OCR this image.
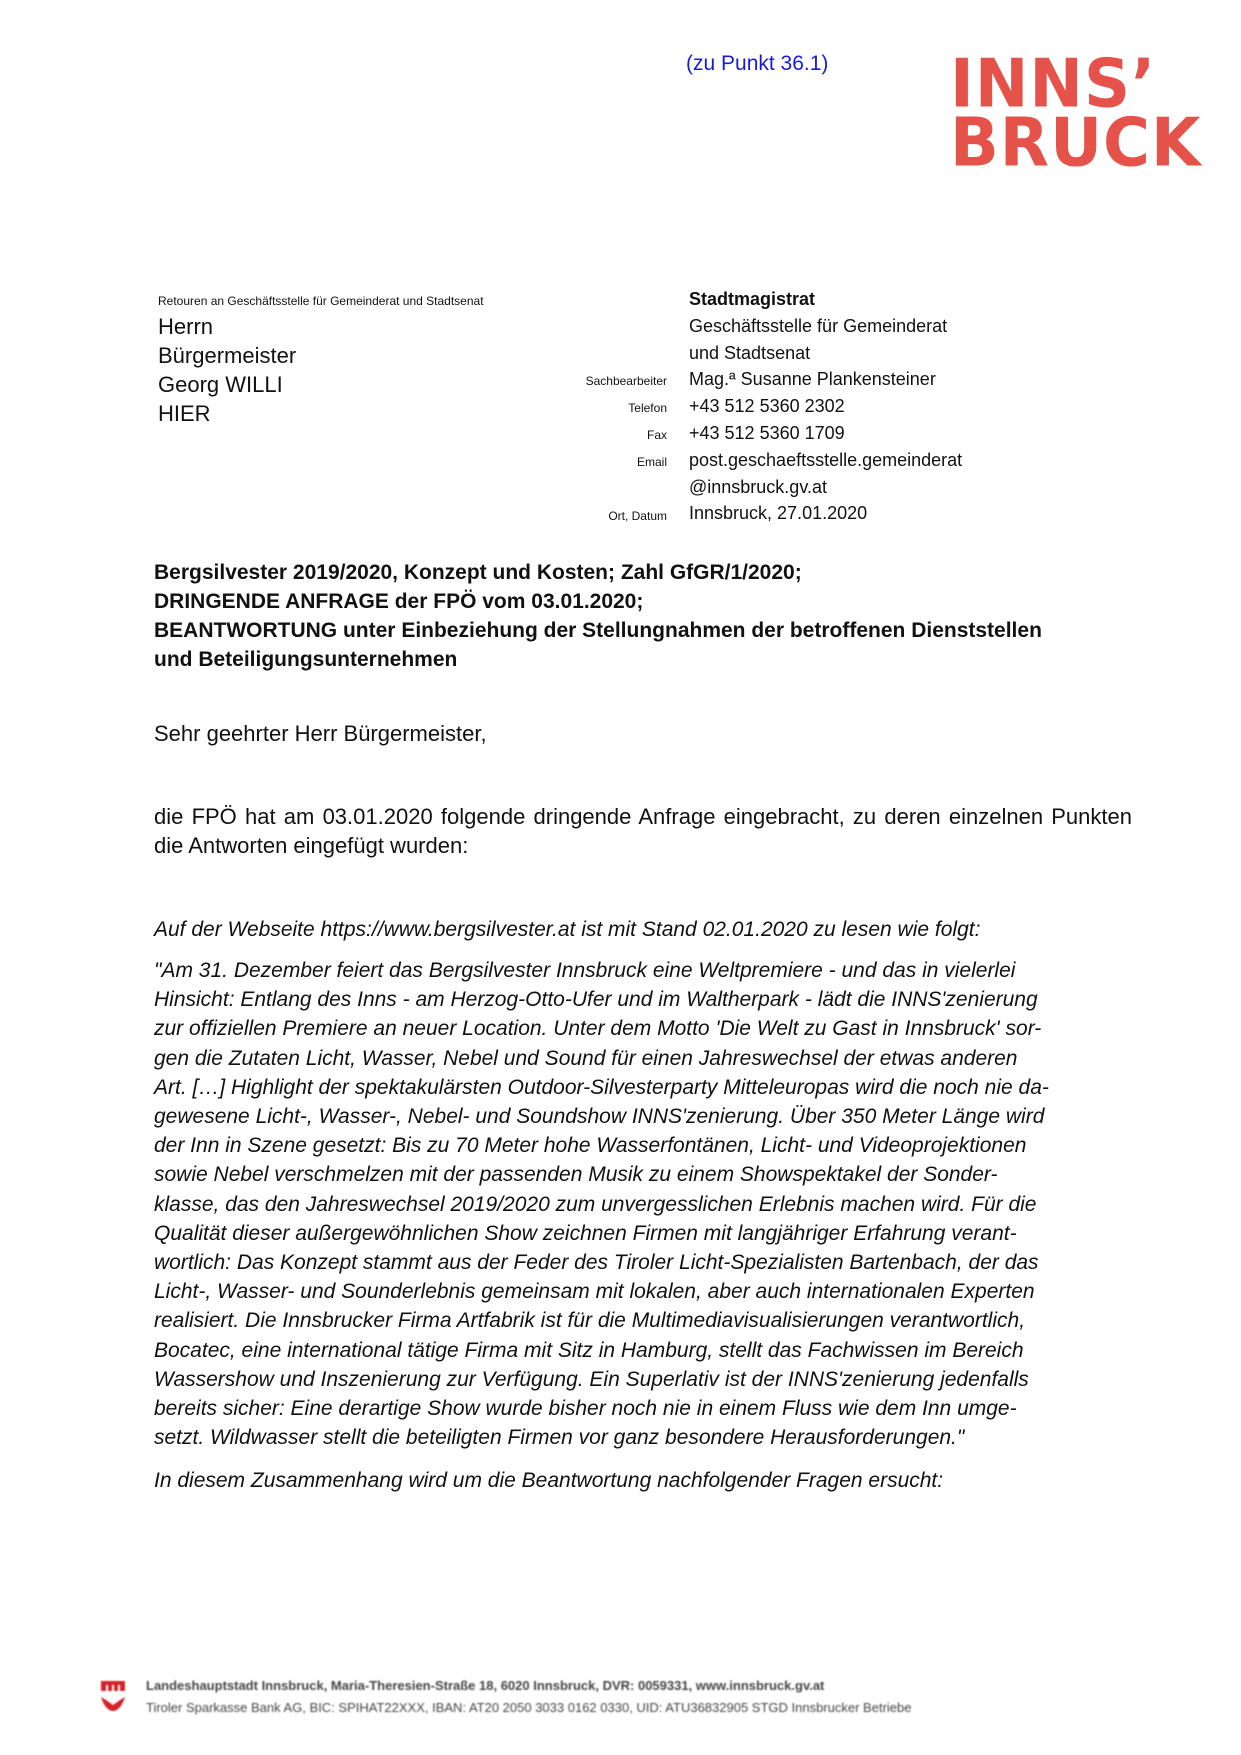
(zu Punkt 36.1) INNS’
BRUCK
Retouren an Geschäftsstelle für Gemeinderat und Stadtsenat
Herrn
Bürgermeister
Georg WILLI
HIER

Sachbearbeiter
Telefon
Fax
Email

Ort, Datum
Stadtmagistrat
Geschäftsstelle für Gemeinderat
und Stadtsenat
Mag.ª Susanne Plankensteiner
+43 512 5360 2302
+43 512 5360 1709
post.geschaeftsstelle.gemeinderat
@innsbruck.gv.at
Innsbruck, 27.01.2020
Bergsilvester 2019/2020, Konzept und Kosten; Zahl GfGR/1/2020;
DRINGENDE ANFRAGE der FPÖ vom 03.01.2020;
BEANTWORTUNG unter Einbeziehung der Stellungnahmen der betroffenen Dienststellen
und Beteiligungsunternehmen
Sehr geehrter Herr Bürgermeister,
die FPÖ hat am 03.01.2020 folgende dringende Anfrage eingebracht, zu deren einzelnen Punkten die Antworten eingefügt wurden:
Auf der Webseite https://www.bergsilvester.at ist mit Stand 02.01.2020 zu lesen wie folgt:
"Am 31. Dezember feiert das Bergsilvester Innsbruck eine Weltpremiere - und das in vielerlei
Hinsicht: Entlang des Inns - am Herzog-Otto-Ufer und im Waltherpark - lädt die INNS'zenierung
zur offiziellen Premiere an neuer Location. Unter dem Motto 'Die Welt zu Gast in Innsbruck' sor-
gen die Zutaten Licht, Wasser, Nebel und Sound für einen Jahreswechsel der etwas anderen
Art. […] Highlight der spektakulärsten Outdoor-Silvesterparty Mitteleuropas wird die noch nie da-
gewesene Licht-, Wasser-, Nebel- und Soundshow INNS'zenierung. Über 350 Meter Länge wird
der Inn in Szene gesetzt: Bis zu 70 Meter hohe Wasserfontänen, Licht- und Videoprojektionen
sowie Nebel verschmelzen mit der passenden Musik zu einem Showspektakel der Sonder-
klasse, das den Jahreswechsel 2019/2020 zum unvergesslichen Erlebnis machen wird. Für die
Qualität dieser außergewöhnlichen Show zeichnen Firmen mit langjähriger Erfahrung verant-
wortlich: Das Konzept stammt aus der Feder des Tiroler Licht-Spezialisten Bartenbach, der das
Licht-, Wasser- und Sounderlebnis gemeinsam mit lokalen, aber auch internationalen Experten
realisiert. Die Innsbrucker Firma Artfabrik ist für die Multimediavisualisierungen verantwortlich,
Bocatec, eine international tätige Firma mit Sitz in Hamburg, stellt das Fachwissen im Bereich
Wassershow und Inszenierung zur Verfügung. Ein Superlativ ist der INNS'zenierung jedenfalls
bereits sicher: Eine derartige Show wurde bisher noch nie in einem Fluss wie dem Inn umge-
setzt. Wildwasser stellt die beteiligten Firmen vor ganz besondere Herausforderungen."
In diesem Zusammenhang wird um die Beantwortung nachfolgender Fragen ersucht:
Landeshauptstadt Innsbruck, Maria-Theresien-Straße 18, 6020 Innsbruck, DVR: 0059331, www.innsbruck.gv.at
Tiroler Sparkasse Bank AG, BIC: SPIHAT22XXX, IBAN: AT20 2050 3033 0162 0330, UID: ATU36832905 STGD Innsbrucker Betriebe
